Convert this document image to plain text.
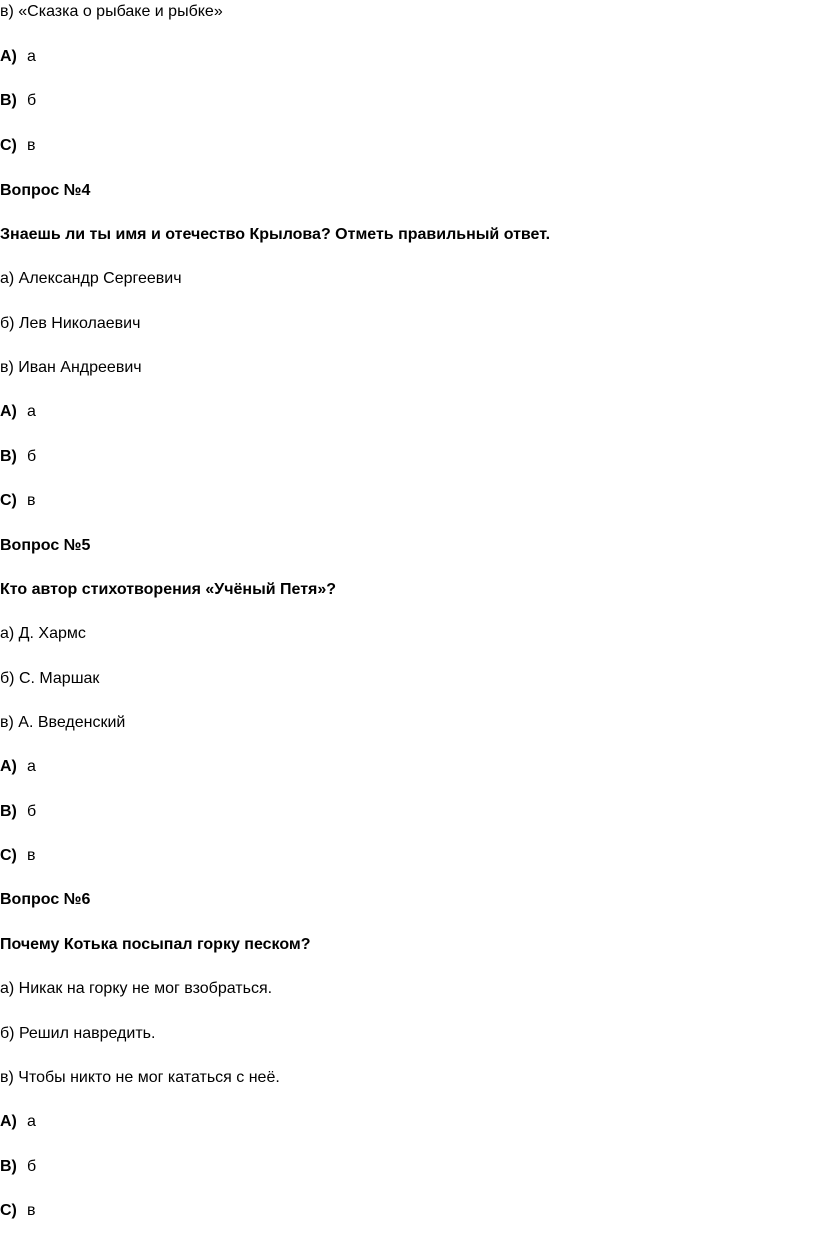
в) «Сказка о рыбаке и рыбке»
А) а
В) б
С) в
Вопрос №4
Знаешь ли ты имя и отечество Крылова? Отметь правильный ответ.
а) Александр Сергеевич
б) Лев Николаевич
в) Иван Андреевич
А) а
В) б
С) в
Вопрос №5
Кто автор стихотворения «Учёный Петя»?
а) Д. Хармс
б) С. Маршак
в) А. Введенский
А) а
В) б
С) в
Вопрос №6
Почему Котька посыпал горку песком?
а) Никак на горку не мог взобраться.
б) Решил навредить.
в) Чтобы никто не мог кататься с неё.
А) а
В) б
С) в
